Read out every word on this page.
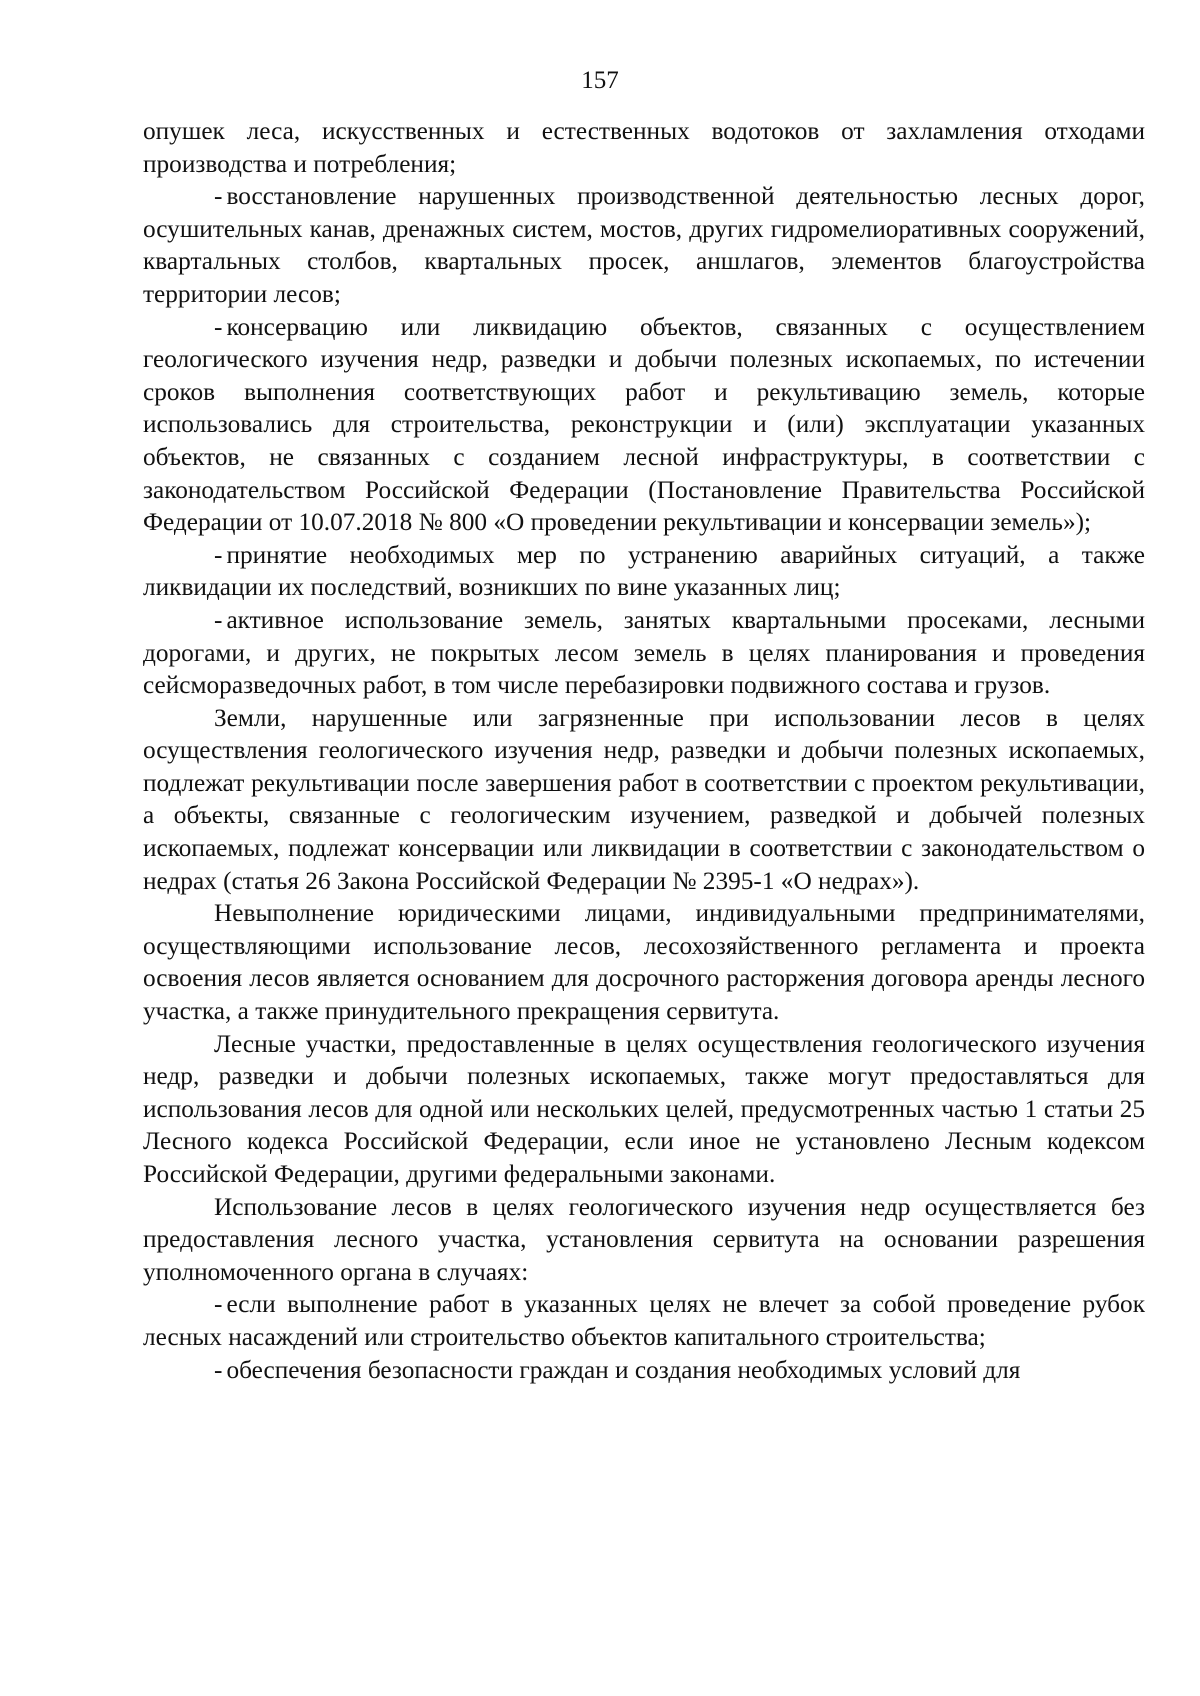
157

опушек леса, искусственных и естественных водотоков от захламления отходами производства и потребления;

- восстановление нарушенных производственной деятельностью лесных дорог, осушительных канав, дренажных систем, мостов, других гидромелиоративных сооружений, квартальных столбов, квартальных просек, аншлагов, элементов благоустройства территории лесов;

- консервацию или ликвидацию объектов, связанных с осуществлением геологического изучения недр, разведки и добычи полезных ископаемых, по истечении сроков выполнения соответствующих работ и рекультивацию земель, которые использовались для строительства, реконструкции и (или) эксплуатации указанных объектов, не связанных с созданием лесной инфраструктуры, в соответствии с законодательством Российской Федерации (Постановление Правительства Российской Федерации от 10.07.2018 № 800 «О проведении рекультивации и консервации земель»);

- принятие необходимых мер по устранению аварийных ситуаций, а также ликвидации их последствий, возникших по вине указанных лиц;

- активное использование земель, занятых квартальными просеками, лесными дорогами, и других, не покрытых лесом земель в целях планирования и проведения сейсморазведочных работ, в том числе перебазировки подвижного состава и грузов.

Земли, нарушенные или загрязненные при использовании лесов в целях осуществления геологического изучения недр, разведки и добычи полезных ископаемых, подлежат рекультивации после завершения работ в соответствии с проектом рекультивации, а объекты, связанные с геологическим изучением, разведкой и добычей полезных ископаемых, подлежат консервации или ликвидации в соответствии с законодательством о недрах (статья 26 Закона Российской Федерации № 2395-1 «О недрах»).

Невыполнение юридическими лицами, индивидуальными предпринимателями, осуществляющими использование лесов, лесохозяйственного регламента и проекта освоения лесов является основанием для досрочного расторжения договора аренды лесного участка, а также принудительного прекращения сервитута.

Лесные участки, предоставленные в целях осуществления геологического изучения недр, разведки и добычи полезных ископаемых, также могут предоставляться для использования лесов для одной или нескольких целей, предусмотренных частью 1 статьи 25 Лесного кодекса Российской Федерации, если иное не установлено Лесным кодексом Российской Федерации, другими федеральными законами.

Использование лесов в целях геологического изучения недр осуществляется без предоставления лесного участка, установления сервитута на основании разрешения уполномоченного органа в случаях:

- если выполнение работ в указанных целях не влечет за собой проведение рубок лесных насаждений или строительство объектов капитального строительства;

- обеспечения безопасности граждан и создания необходимых условий для
